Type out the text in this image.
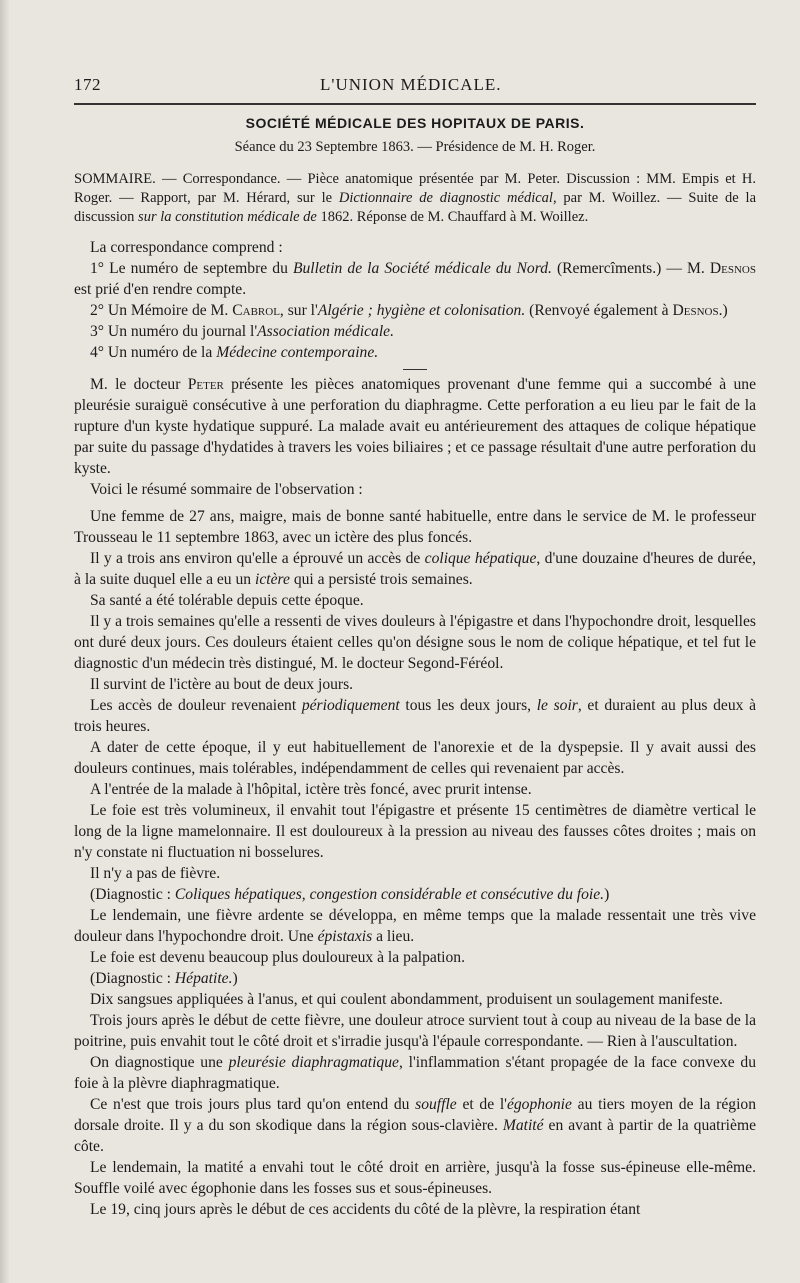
172	L'UNION MÉDICALE.
SOCIÉTÉ MÉDICALE DES HOPITAUX DE PARIS.
Séance du 23 Septembre 1863. — Présidence de M. H. Roger.
SOMMAIRE. — Correspondance. — Pièce anatomique présentée par M. Peter. Discussion : MM. Empis et H. Roger. — Rapport, par M. Hérard, sur le Dictionnaire de diagnostic médical, par M. Woillez. — Suite de la discussion sur la constitution médicale de 1862. Réponse de M. Chauffard à M. Woillez.

La correspondance comprend :

1° Le numéro de septembre du Bulletin de la Société médicale du Nord. (Remercîments.) — M. Desnos est prié d'en rendre compte.

2° Un Mémoire de M. Cabrol, sur l'Algérie ; hygiène et colonisation. (Renvoyé également à Desnos.)

3° Un numéro du journal l'Association médicale.

4° Un numéro de la Médecine contemporaine.

M. le docteur Peter présente les pièces anatomiques provenant d'une femme qui a succombé à une pleurésie suraiguë consécutive à une perforation du diaphragme. Cette perforation a eu lieu par le fait de la rupture d'un kyste hydatique suppuré. La malade avait eu antérieurement des attaques de colique hépatique par suite du passage d'hydatides à travers les voies biliaires ; et ce passage résultait d'une autre perforation du kyste.

Voici le résumé sommaire de l'observation :

Une femme de 27 ans, maigre, mais de bonne santé habituelle, entre dans le service de M. le professeur Trousseau le 11 septembre 1863, avec un ictère des plus foncés.

Il y a trois ans environ qu'elle a éprouvé un accès de colique hépatique, d'une douzaine d'heures de durée, à la suite duquel elle a eu un ictère qui a persisté trois semaines.

Sa santé a été tolérable depuis cette époque.

Il y a trois semaines qu'elle a ressenti de vives douleurs à l'épigastre et dans l'hypochondre droit, lesquelles ont duré deux jours. Ces douleurs étaient celles qu'on désigne sous le nom de colique hépatique, et tel fut le diagnostic d'un médecin très distingué, M. le docteur Segond-Féréol.

Il survint de l'ictère au bout de deux jours.

Les accès de douleur revenaient périodiquement tous les deux jours, le soir, et duraient au plus deux à trois heures.

A dater de cette époque, il y eut habituellement de l'anorexie et de la dyspepsie. Il y avait aussi des douleurs continues, mais tolérables, indépendamment de celles qui revenaient par accès.

A l'entrée de la malade à l'hôpital, ictère très foncé, avec prurit intense.

Le foie est très volumineux, il envahit tout l'épigastre et présente 15 centimètres de diamètre vertical le long de la ligne mamelonnaire. Il est douloureux à la pression au niveau des fausses côtes droites ; mais on n'y constate ni fluctuation ni bosselures.

Il n'y a pas de fièvre.

(Diagnostic : Coliques hépatiques, congestion considérable et consécutive du foie.)

Le lendemain, une fièvre ardente se développa, en même temps que la malade ressentait une très vive douleur dans l'hypochondre droit. Une épistaxis a lieu.

Le foie est devenu beaucoup plus douloureux à la palpation.

(Diagnostic : Hépatite.)

Dix sangsues appliquées à l'anus, et qui coulent abondamment, produisent un soulagement manifeste.

Trois jours après le début de cette fièvre, une douleur atroce survient tout à coup au niveau de la base de la poitrine, puis envahit tout le côté droit et s'irradie jusqu'à l'épaule correspondante. — Rien à l'auscultation.

On diagnostique une pleurésie diaphragmatique, l'inflammation s'étant propagée de la face convexe du foie à la plèvre diaphragmatique.

Ce n'est que trois jours plus tard qu'on entend du souffle et de l'égophonie au tiers moyen de la région dorsale droite. Il y a du son skodique dans la région sous-clavière. Matité en avant à partir de la quatrième côte.

Le lendemain, la matité a envahi tout le côté droit en arrière, jusqu'à la fosse sus-épineuse elle-même. Souffle voilé avec égophonie dans les fosses sus et sous-épineuses.

Le 19, cinq jours après le début de ces accidents du côté de la plèvre, la respiration étant
